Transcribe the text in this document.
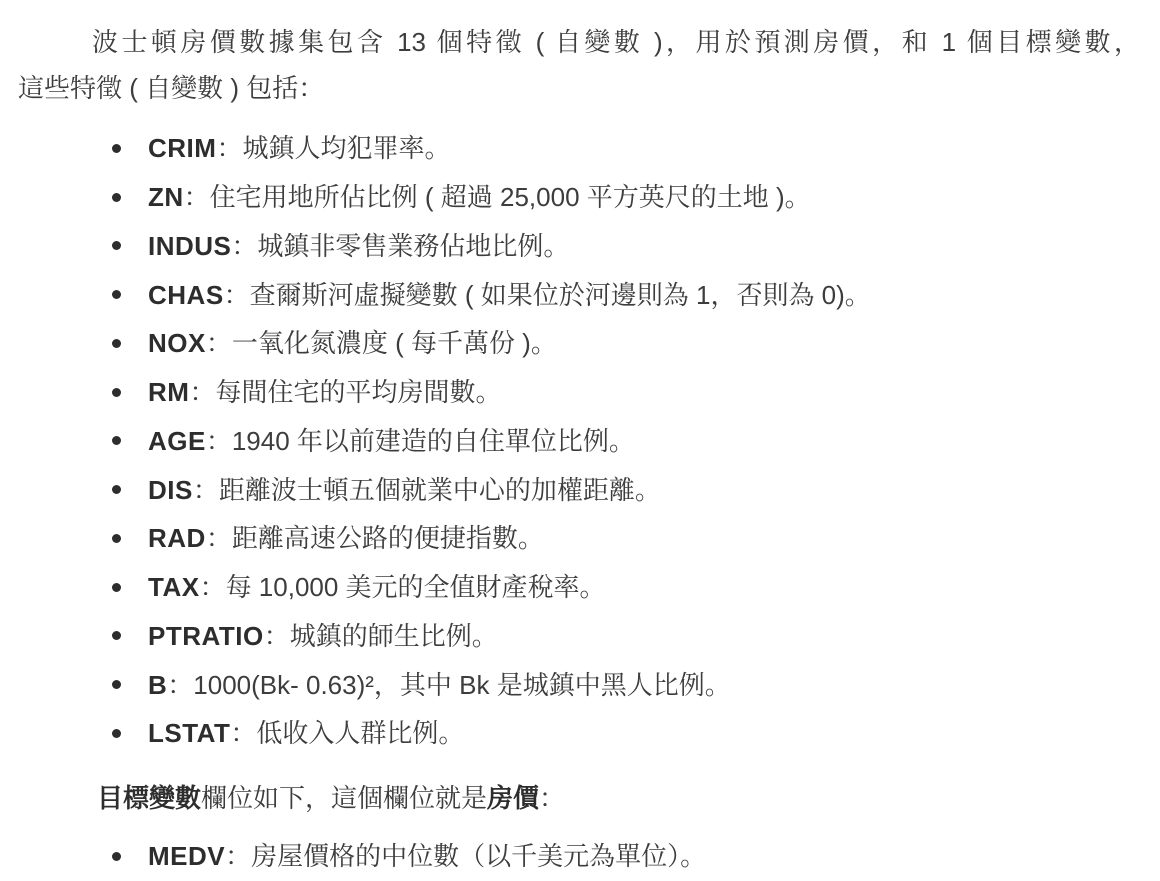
波士頓房價數據集包含 13 個特徵 ( 自變數 )，用於預測房價，和 1 個目標變數，
這些特徵 ( 自變數 ) 包括：
CRIM ：城鎮人均犯罪率。
ZN ：住宅用地所佔比例 ( 超過 25,000 平方英尺的土地 )。
INDUS ：城鎮非零售業務佔地比例。
CHAS ：查爾斯河虛擬變數 ( 如果位於河邊則為 1，否則為 0)。
NOX ：一氧化氮濃度 ( 每千萬份 )。
RM ：每間住宅的平均房間數。
AGE ：1940 年以前建造的自住單位比例。
DIS ：距離波士頓五個就業中心的加權距離。
RAD ：距離高速公路的便捷指數。
TAX ：每 10,000 美元的全值財產稅率。
PTRATIO ：城鎮的師生比例。
B ：1000(Bk- 0.63)²，其中 Bk 是城鎮中黑人比例。
LSTAT ：低收入人群比例。

目標變數欄位如下，這個欄位就是房價：

MEDV ：房屋價格的中位數（以千美元為單位）。
